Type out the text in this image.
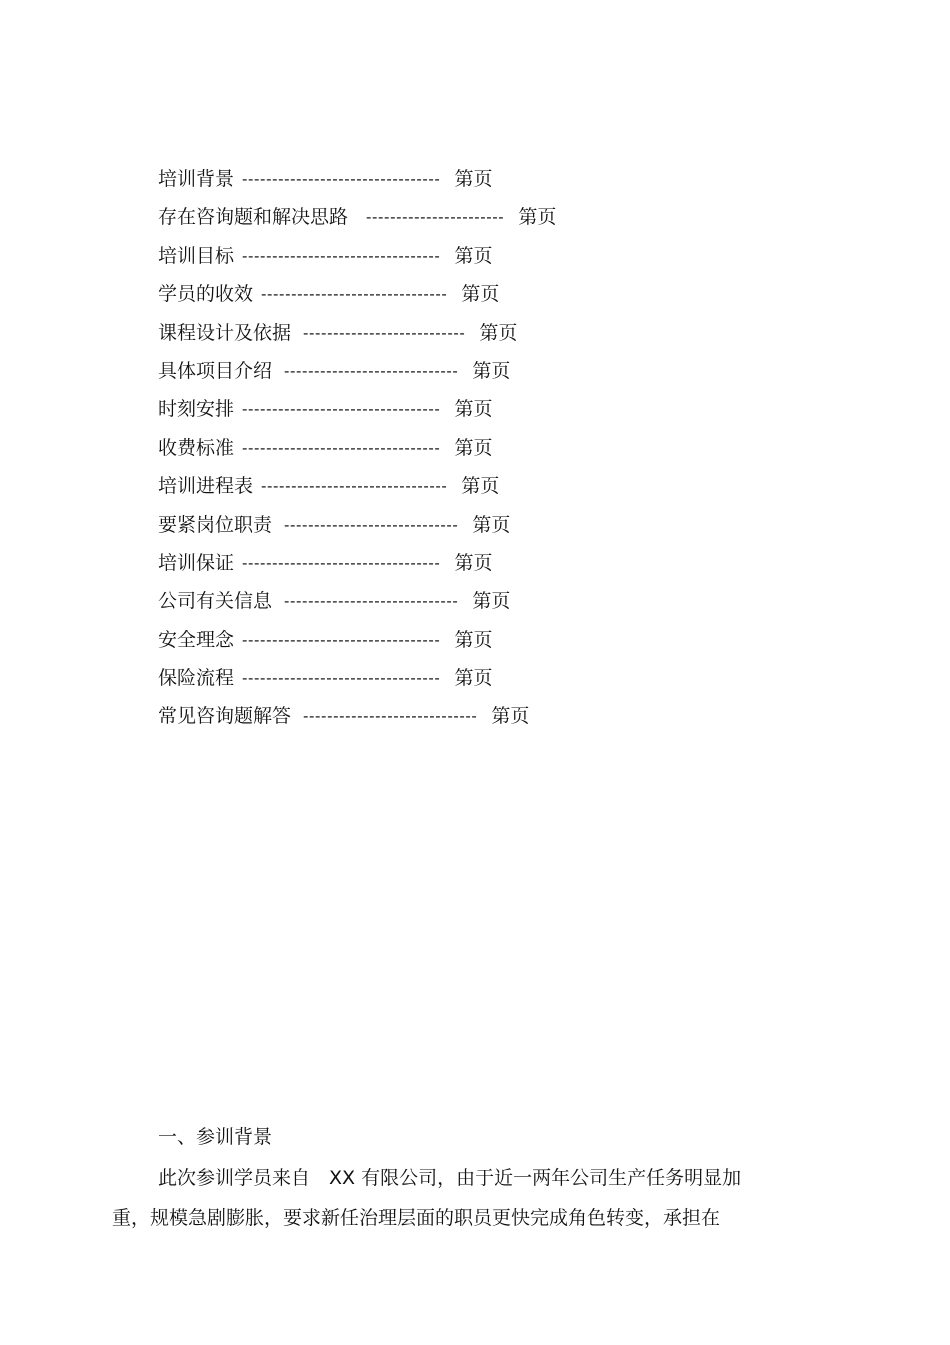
培训背景 --------------------------------- 第页
存在咨询题和解决思路 ----------------------- 第页
培训目标 --------------------------------- 第页
学员的收效 ------------------------------- 第页
课程设计及依据 --------------------------- 第页
具体项目介绍 ----------------------------- 第页
时刻安排 --------------------------------- 第页
收费标准 --------------------------------- 第页
培训进程表 ------------------------------- 第页
要紧岗位职责 ----------------------------- 第页
培训保证 --------------------------------- 第页
公司有关信息 ----------------------------- 第页
安全理念 --------------------------------- 第页
保险流程 --------------------------------- 第页
常见咨询题解答 ----------------------------- 第页
一、参训背景
此次参训学员来自　XX 有限公司，由于近一两年公司生产任务明显加
重，规模急剧膨胀，要求新任治理层面的职员更快完成角色转变，承担在
